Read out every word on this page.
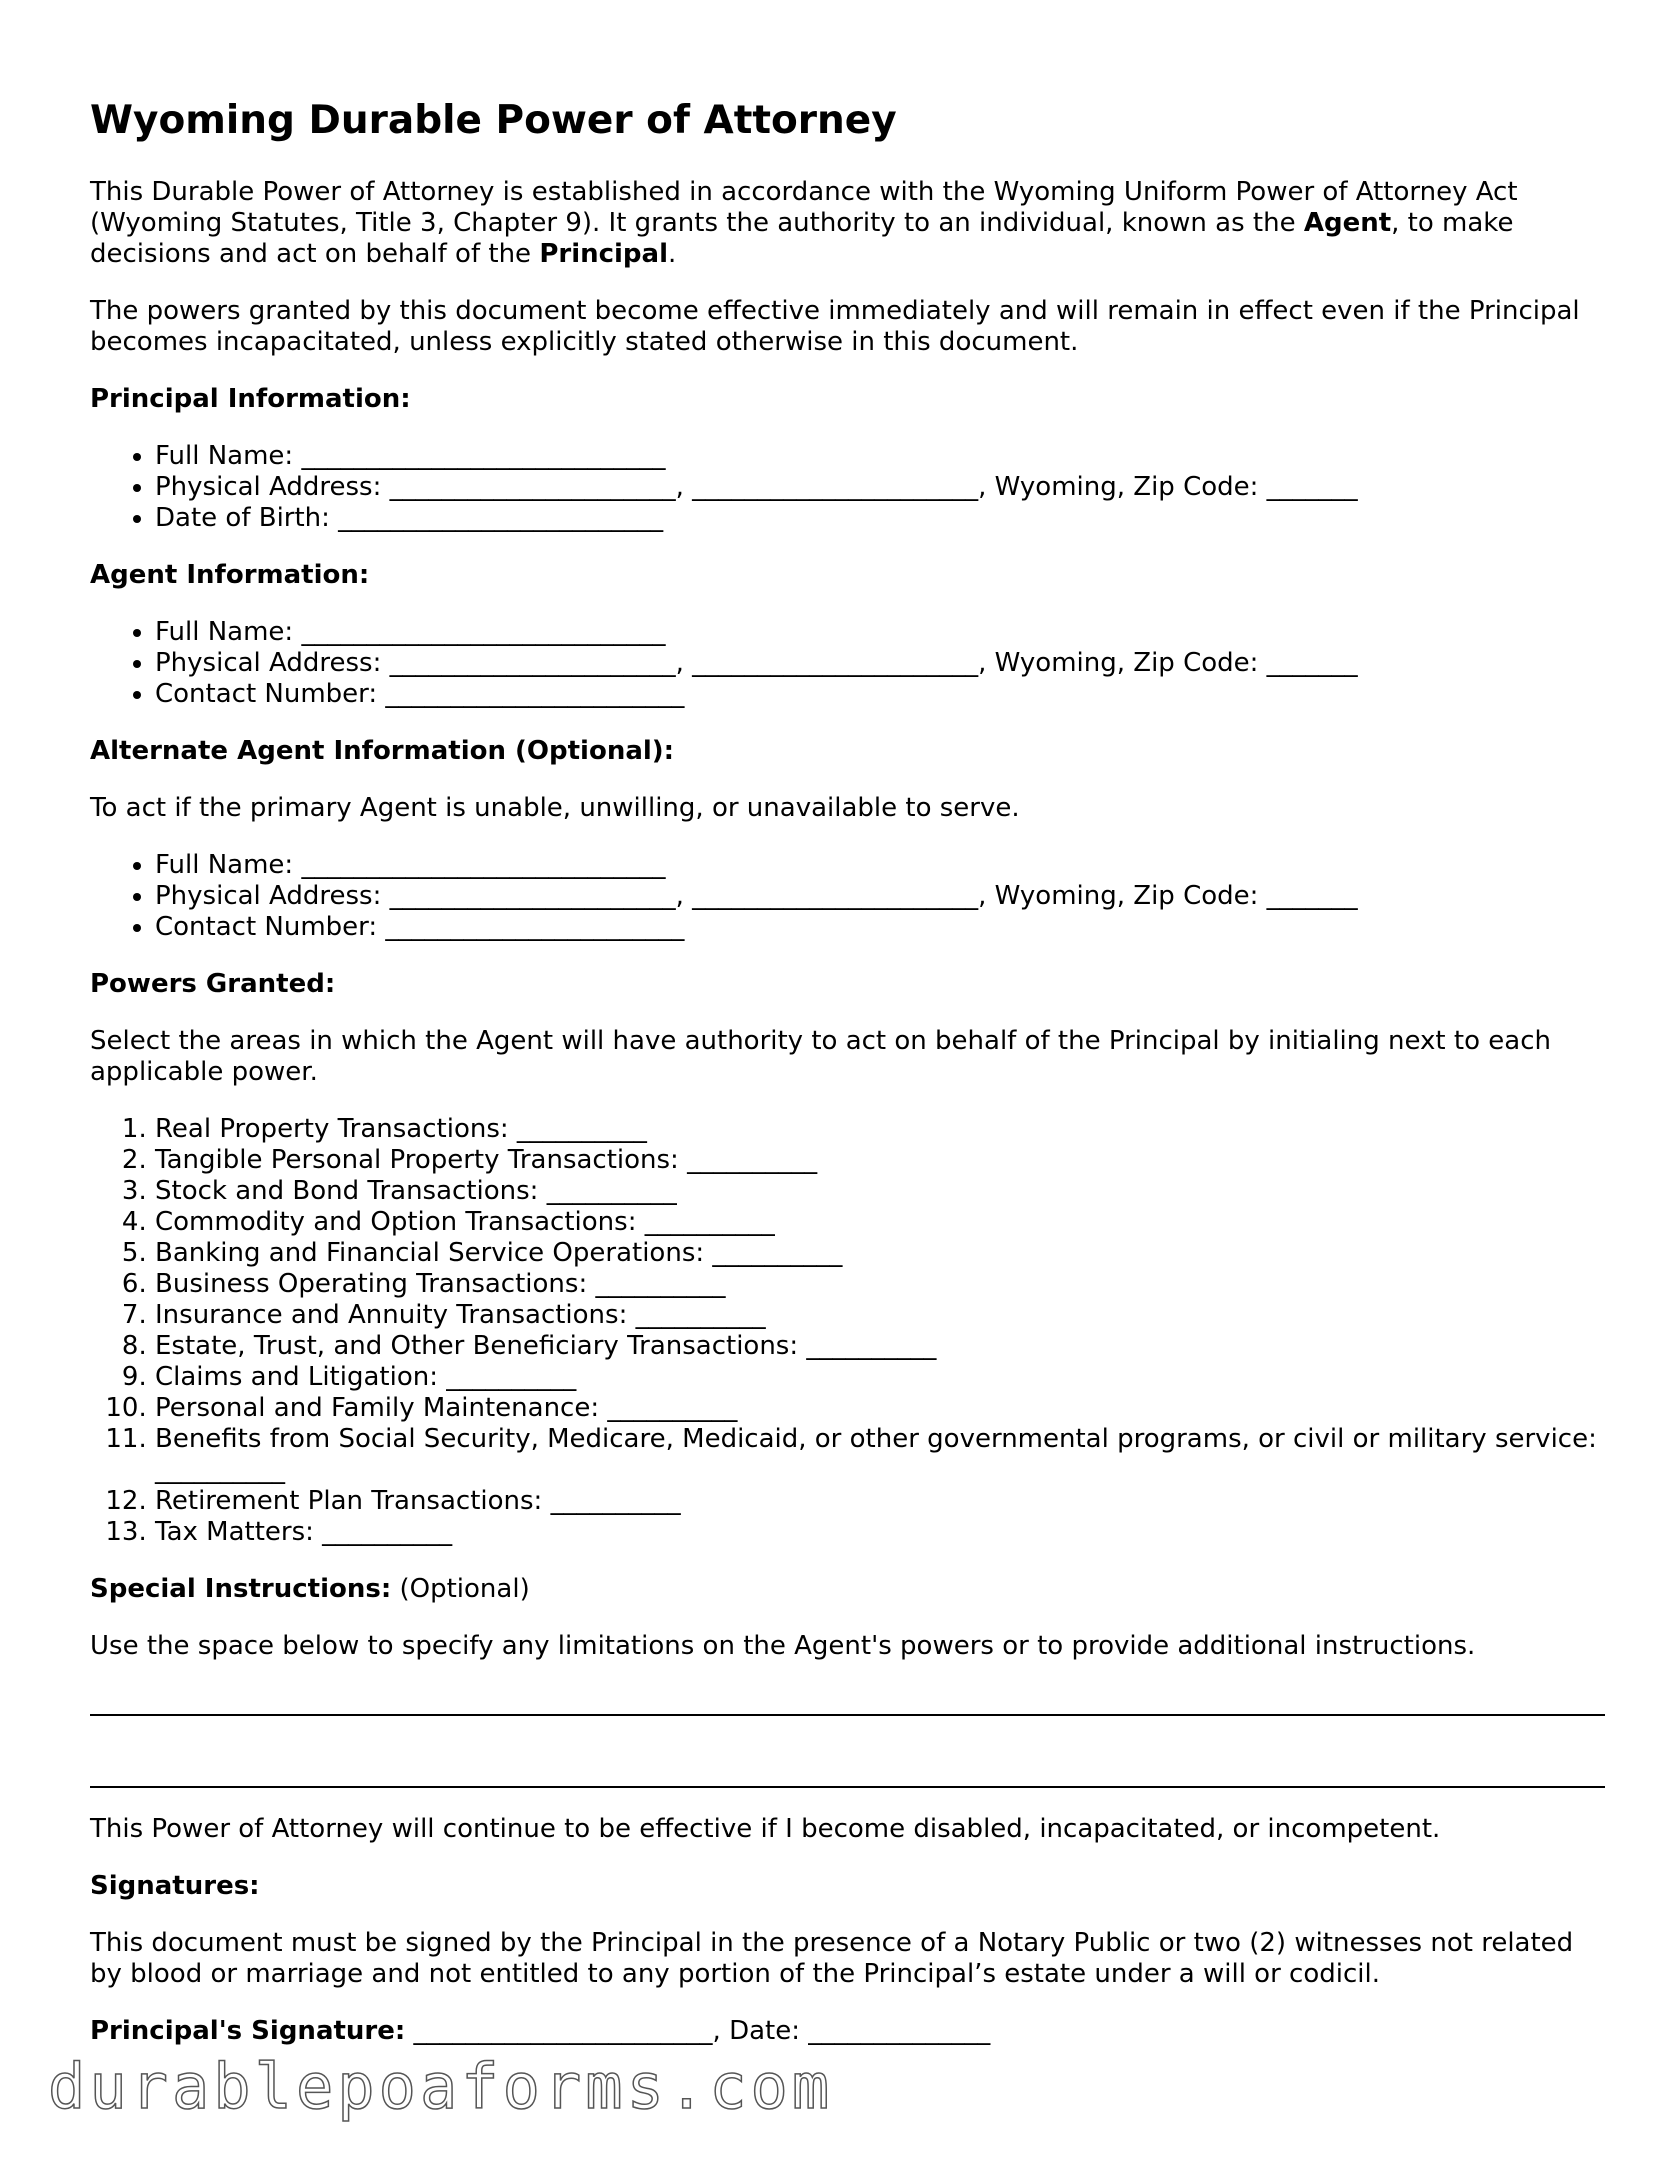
Wyoming Durable Power of Attorney

This Durable Power of Attorney is established in accordance with the Wyoming Uniform Power of Attorney Act (Wyoming Statutes, Title 3, Chapter 9). It grants the authority to an individual, known as the Agent, to make decisions and act on behalf of the Principal.

The powers granted by this document become effective immediately and will remain in effect even if the Principal becomes incapacitated, unless explicitly stated otherwise in this document.

Principal Information:

• Full Name: ____________________________
• Physical Address: ______________________, ______________________, Wyoming, Zip Code: _______
• Date of Birth: _________________________

Agent Information:

• Full Name: ____________________________
• Physical Address: ______________________, ______________________, Wyoming, Zip Code: _______
• Contact Number: _______________________

Alternate Agent Information (Optional):

To act if the primary Agent is unable, unwilling, or unavailable to serve.

• Full Name: ____________________________
• Physical Address: ______________________, ______________________, Wyoming, Zip Code: _______
• Contact Number: _______________________

Powers Granted:

Select the areas in which the Agent will have authority to act on behalf of the Principal by initialing next to each applicable power.

1. Real Property Transactions: __________
2. Tangible Personal Property Transactions: __________
3. Stock and Bond Transactions: __________
4. Commodity and Option Transactions: __________
5. Banking and Financial Service Operations: __________
6. Business Operating Transactions: __________
7. Insurance and Annuity Transactions: __________
8. Estate, Trust, and Other Beneficiary Transactions: __________
9. Claims and Litigation: __________
10. Personal and Family Maintenance: __________
11. Benefits from Social Security, Medicare, Medicaid, or other governmental programs, or civil or military service: __________
12. Retirement Plan Transactions: __________
13. Tax Matters: __________

Special Instructions: (Optional)

Use the space below to specify any limitations on the Agent's powers or to provide additional instructions.

This Power of Attorney will continue to be effective if I become disabled, incapacitated, or incompetent.

Signatures:

This document must be signed by the Principal in the presence of a Notary Public or two (2) witnesses not related by blood or marriage and not entitled to any portion of the Principal’s estate under a will or codicil.

Principal's Signature: _______________________, Date: ______________

durablepoaforms.com
